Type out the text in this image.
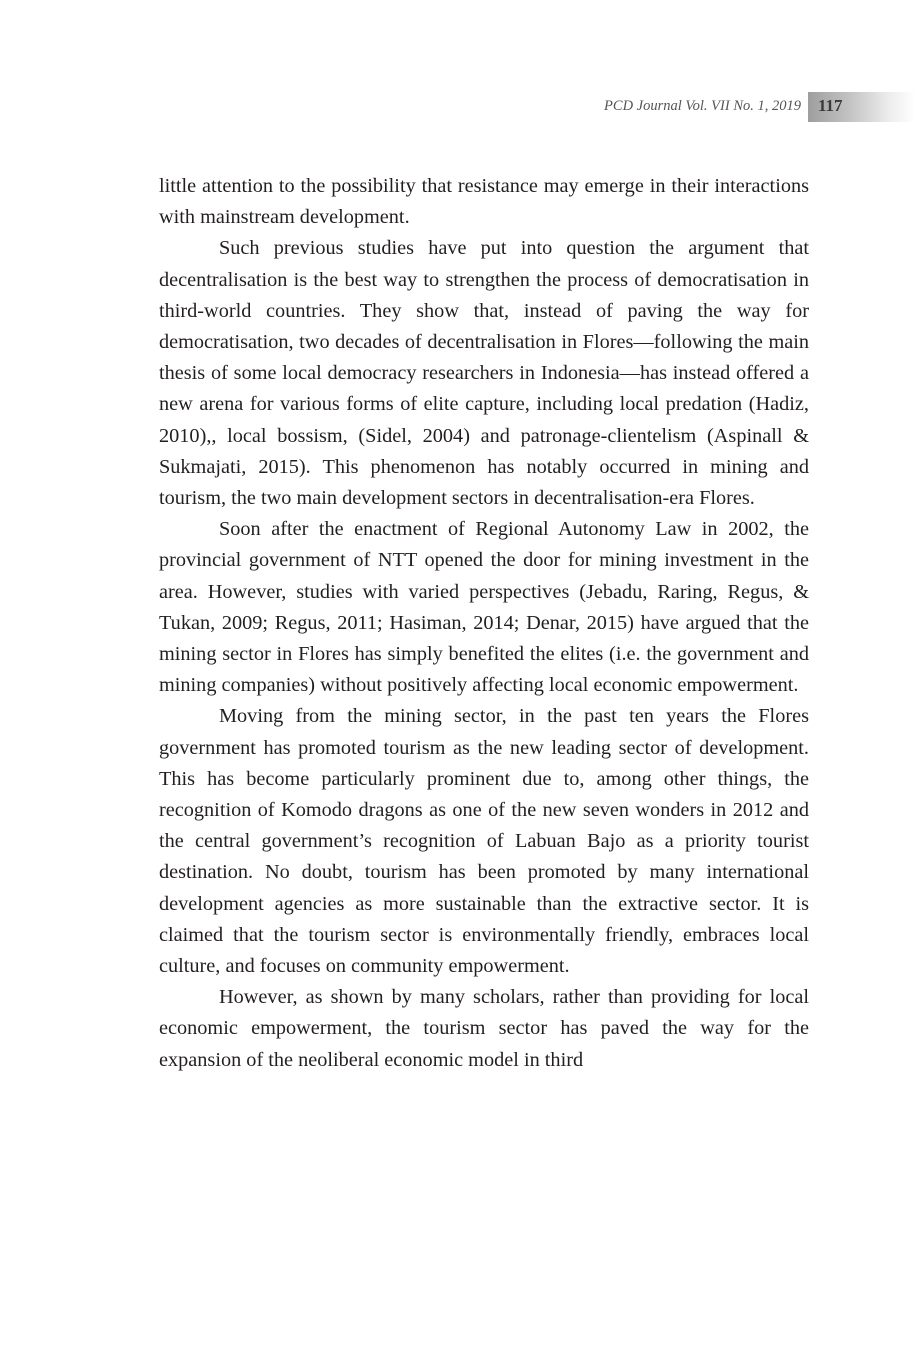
PCD Journal Vol. VII No. 1, 2019 117

little attention to the possibility that resistance may emerge in their interactions with mainstream development.

Such previous studies have put into question the argument that decentralisation is the best way to strengthen the process of democratisation in third-world countries. They show that, instead of paving the way for democratisation, two decades of decentralisation in Flores—following the main thesis of some local democracy researchers in Indonesia—has instead offered a new arena for various forms of elite capture, including local predation (Hadiz, 2010),, local bossism, (Sidel, 2004) and patronage-clientelism (Aspinall & Sukmajati, 2015). This phenomenon has notably occurred in mining and tourism, the two main development sectors in decentralisation-era Flores.

Soon after the enactment of Regional Autonomy Law in 2002, the provincial government of NTT opened the door for mining investment in the area. However, studies with varied perspectives (Jebadu, Raring, Regus, & Tukan, 2009; Regus, 2011; Hasiman, 2014; Denar, 2015) have argued that the mining sector in Flores has simply benefited the elites (i.e. the government and mining companies) without positively affecting local economic empowerment.

Moving from the mining sector, in the past ten years the Flores government has promoted tourism as the new leading sector of development. This has become particularly prominent due to, among other things, the recognition of Komodo dragons as one of the new seven wonders in 2012 and the central government’s recognition of Labuan Bajo as a priority tourist destination. No doubt, tourism has been promoted by many international development agencies as more sustainable than the extractive sector. It is claimed that the tourism sector is environmentally friendly, embraces local culture, and focuses on community empowerment.

However, as shown by many scholars, rather than providing for local economic empowerment, the tourism sector has paved the way for the expansion of the neoliberal economic model in third
